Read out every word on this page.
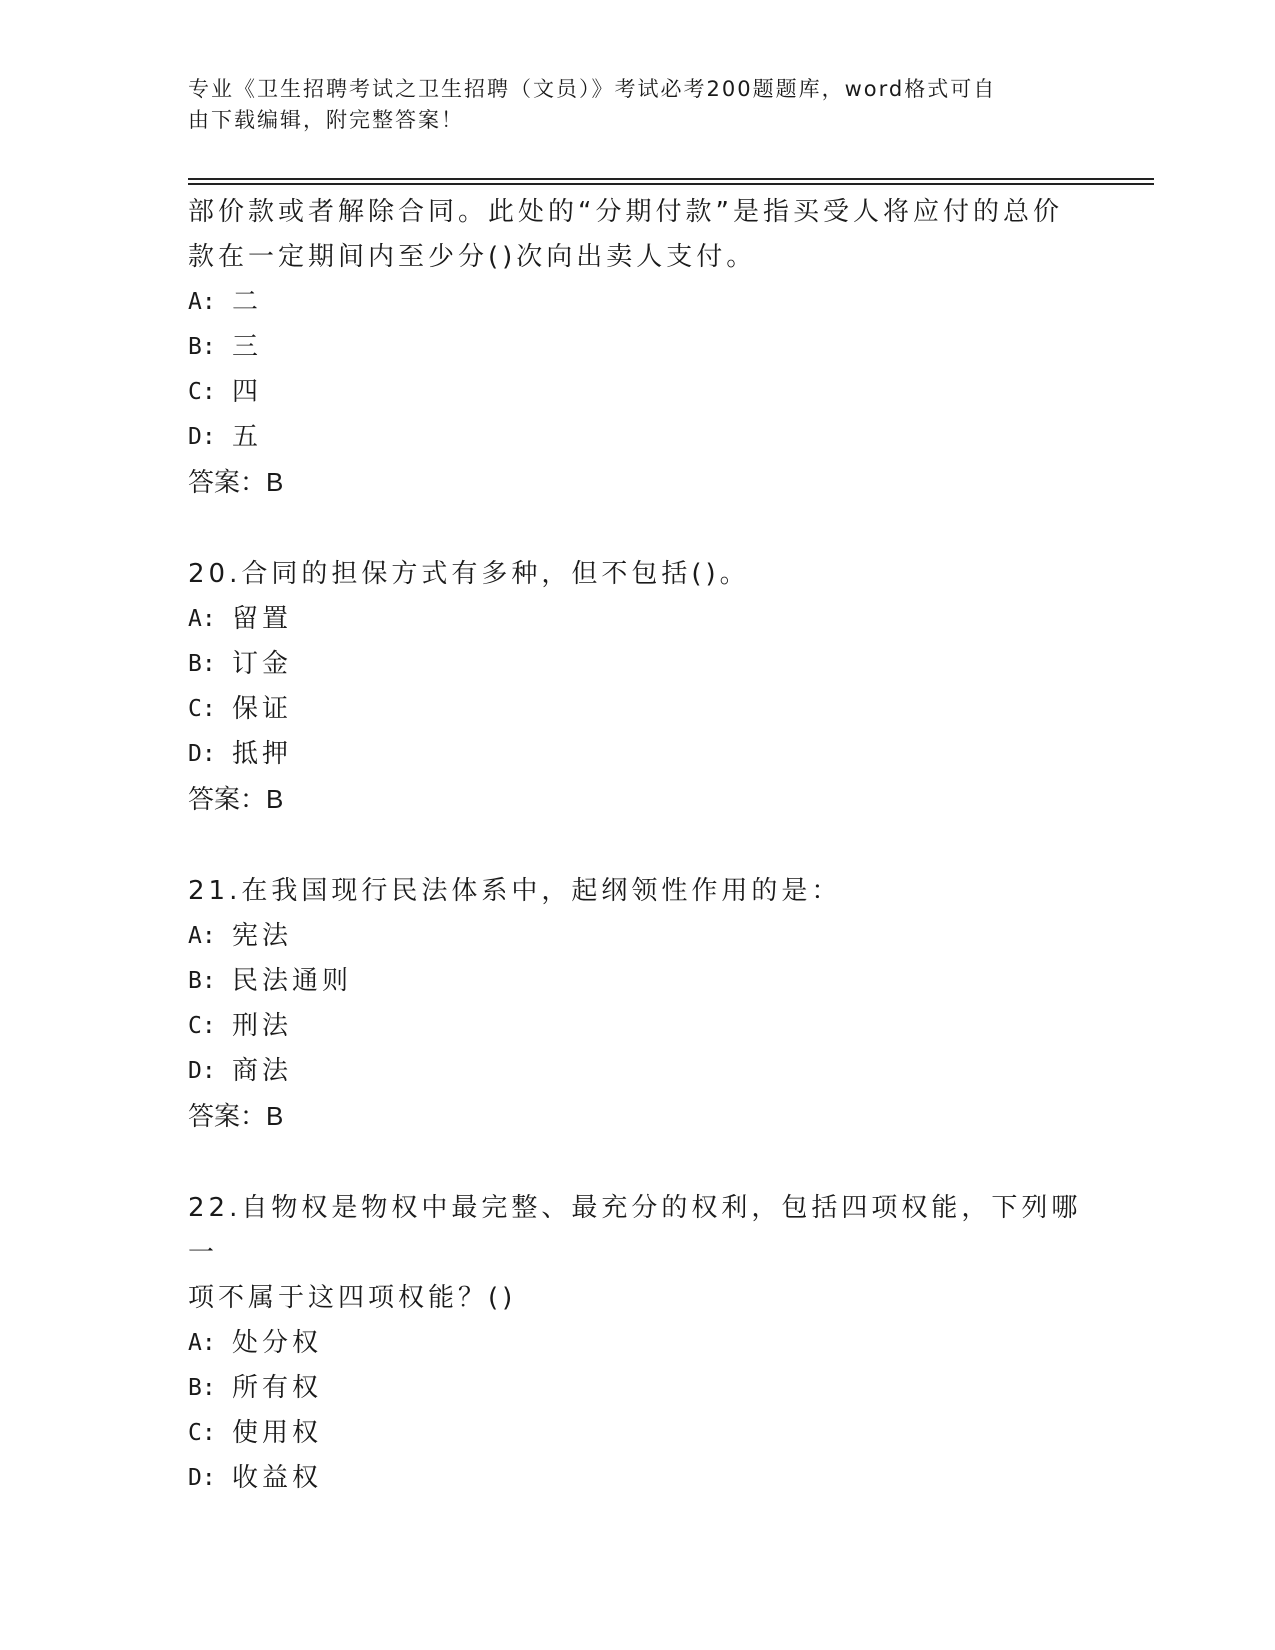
专业《卫生招聘考试之卫生招聘（文员）》考试必考200题题库，word格式可自
由下载编辑，附完整答案！

部价款或者解除合同。此处的“分期付款”是指买受人将应付的总价

款在一定期间内至少分()次向出卖人支付。

A: 二
B: 三
C: 四
D: 五

答案：B

20.合同的担保方式有多种，但不包括()。

A: 留置
B: 订金
C: 保证
D: 抵押

答案：B

21.在我国现行民法体系中，起纲领性作用的是：

A: 宪法
B: 民法通则
C: 刑法
D: 商法

答案：B

22.自物权是物权中最完整、最充分的权利，包括四项权能，下列哪一

项不属于这四项权能？()

A: 处分权
B: 所有权
C: 使用权
D: 收益权
